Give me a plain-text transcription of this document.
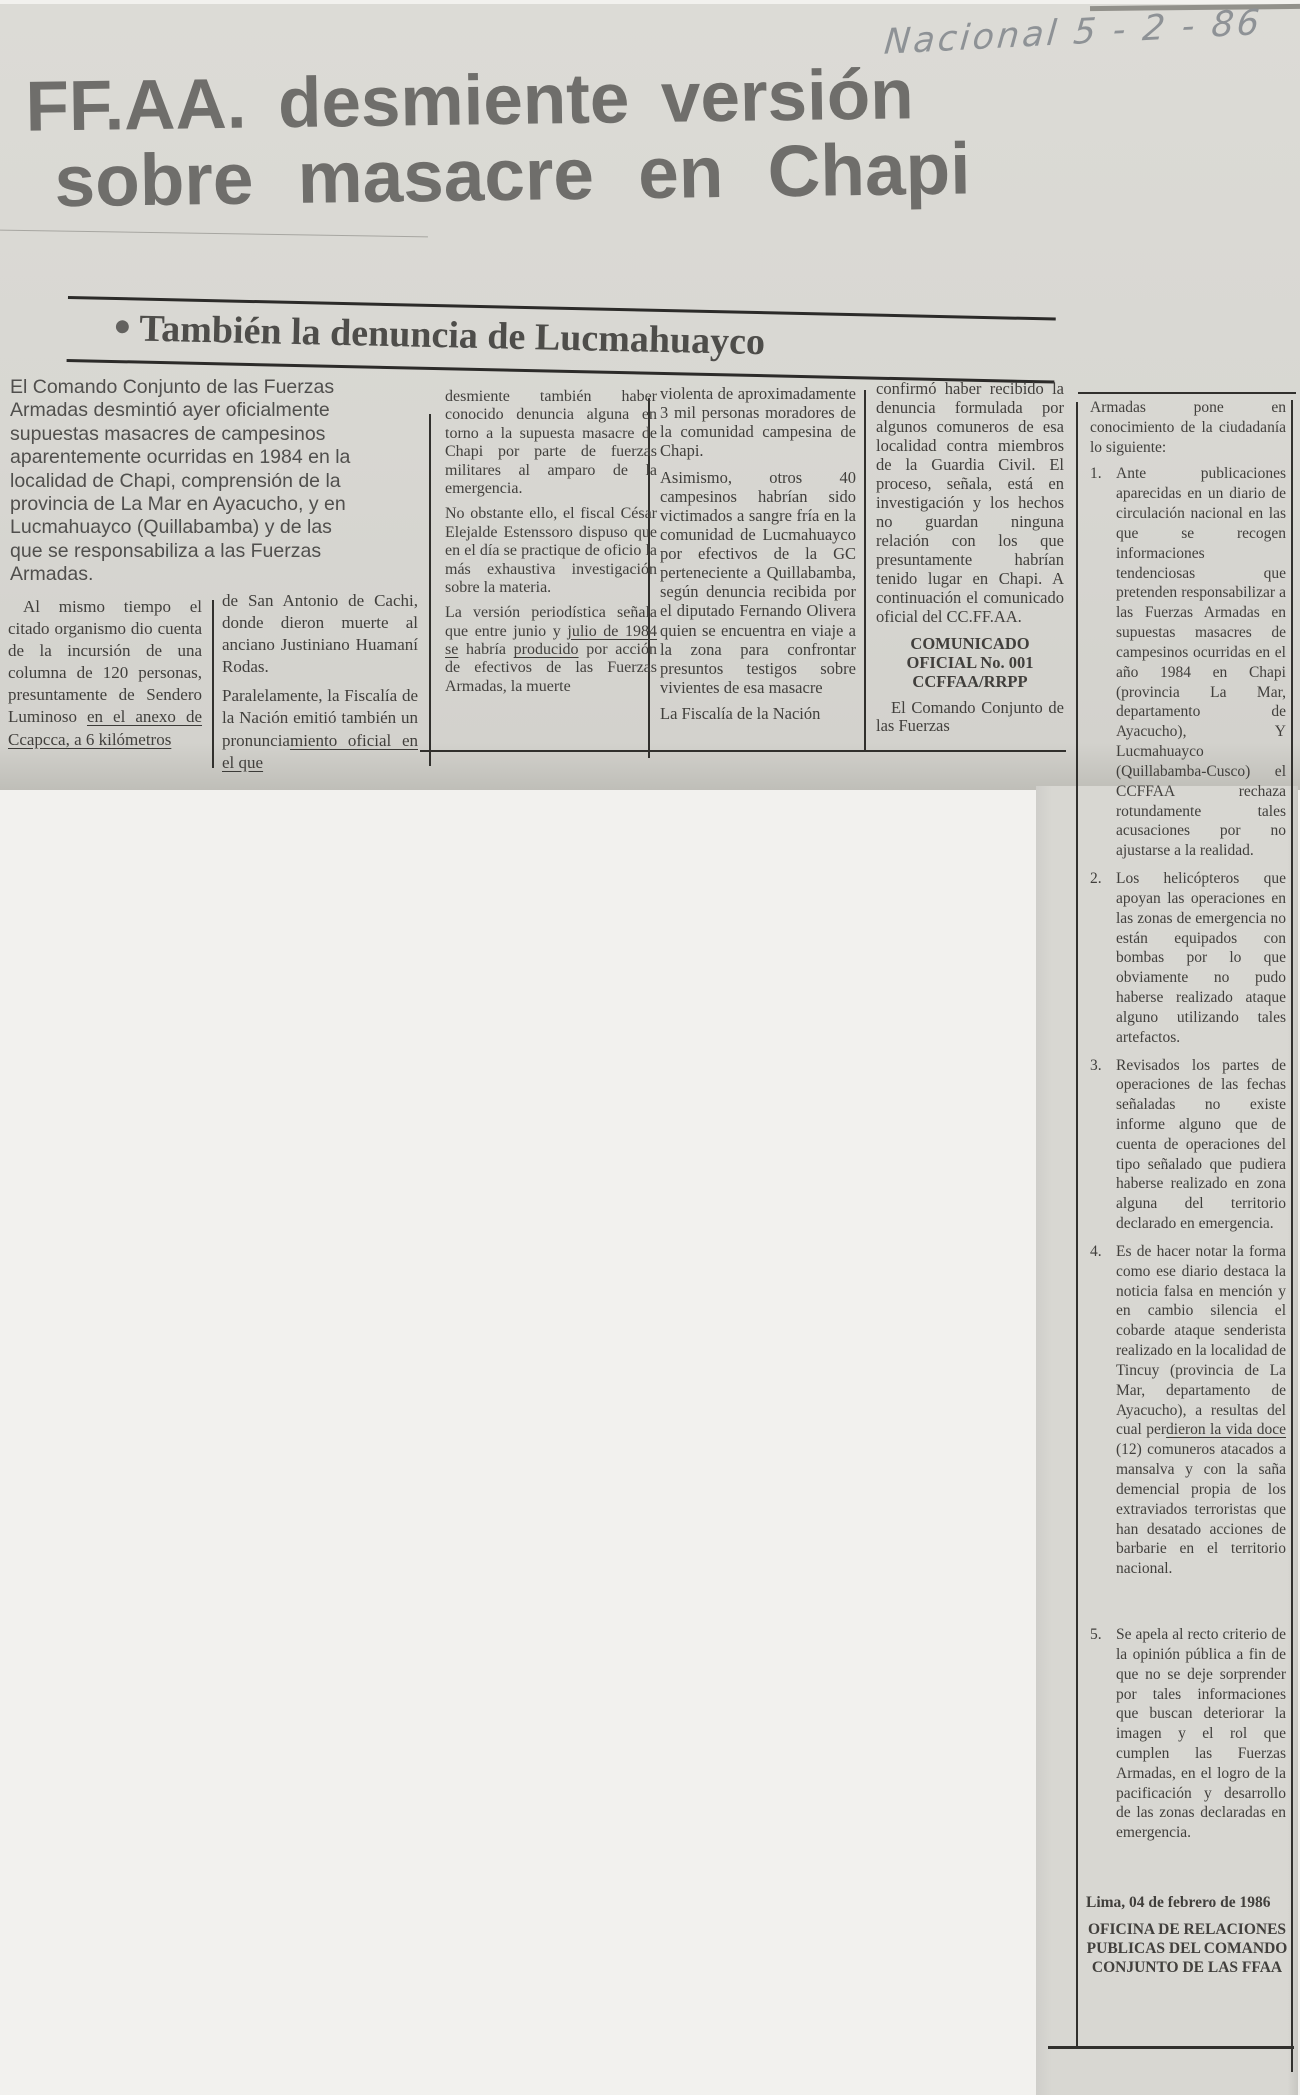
Nacional 5 - 2 - 86
FF.AA. desmiente versión
sobre masacre en Chapi
● También la denuncia de Lucmahuayco
El Comando Conjunto de las Fuerzas Armadas desmintió ayer oficialmente supuestas masacres de campesinos aparentemente ocurridas en 1984 en la localidad de Chapi, comprensión de la provincia de La Mar en Ayacucho, y en Lucmahuayco (Quillabamba) y de las que se responsabiliza a las Fuerzas Armadas.
Al mismo tiempo el citado organismo dio cuenta de la incursión de una columna de 120 personas, presuntamente de Sendero Luminoso en el anexo de Ccapcca, a 6 kilómetros
de San Antonio de Cachi, donde dieron muerte al anciano Justiniano Huamaní Rodas.
Paralelamente, la Fiscalía de la Nación emitió también un pronunciamiento oficial en el que
desmiente también haber conocido denuncia alguna en torno a la supuesta masacre de Chapi por parte de fuerzas militares al amparo de la emergencia.
No obstante ello, el fiscal César Elejalde Estenssoro dispuso que en el día se practique de oficio la más exhaustiva investigación sobre la materia.
La versión periodística señala que entre junio y julio de 1984 se habría producido por acción de efectivos de las Fuerzas Armadas, la muerte
violenta de aproximadamente 3 mil personas moradores de la comunidad campesina de Chapi.
Asimismo, otros 40 campesinos habrían sido victimados a sangre fría en la comunidad de Lucmahuayco por efectivos de la GC perteneciente a Quillabamba, según denuncia recibida por el diputado Fernando Olivera quien se encuentra en viaje a la zona para confrontar presuntos testigos sobre vivientes de esa masacre
La Fiscalía de la Nación
confirmó haber recibido la denuncia formulada por algunos comuneros de esa localidad contra miembros de la Guardia Civil. El proceso, señala, está en investigación y los hechos no guardan ninguna relación con los que presuntamente habrían tenido lugar en Chapi. A continuación el comunicado oficial del CC.FF.AA.
COMUNICADO OFICIAL No. 001 CCFFAA/RRPP
El Comando Conjunto de las Fuerzas
Armadas pone en conocimiento de la ciudadanía lo siguiente:
1. Ante publicaciones aparecidas en un diario de circulación nacional en las que se recogen informaciones tendenciosas que pretenden responsabilizar a las Fuerzas Armadas en supuestas masacres de campesinos ocurridas en el año 1984 en Chapi (provincia La Mar, departamento de Ayacucho), Y Lucmahuayco (Quillabamba-Cusco) el CCFFAA rechaza rotundamente tales acusaciones por no ajustarse a la realidad.
2. Los helicópteros que apoyan las operaciones en las zonas de emergencia no están equipados con bombas por lo que obviamente no pudo haberse realizado ataque alguno utilizando tales artefactos.
3. Revisados los partes de operaciones de las fechas señaladas no existe informe alguno que de cuenta de operaciones del tipo señalado que pudiera haberse realizado en zona alguna del territorio declarado en emergencia.
4. Es de hacer notar la forma como ese diario destaca la noticia falsa en mención y en cambio silencia el cobarde ataque senderista realizado en la localidad de Tincuy (provincia de La Mar, departamento de Ayacucho), a resultas del cual perdieron la vida doce (12) comuneros atacados a mansalva y con la saña demencial propia de los extraviados terroristas que han desatado acciones de barbarie en el territorio nacional.
5. Se apela al recto criterio de la opinión pública a fin de que no se deje sorprender por tales informaciones que buscan deteriorar la imagen y el rol que cumplen las Fuerzas Armadas, en el logro de la pacificación y desarrollo de las zonas declaradas en emergencia.
Lima, 04 de febrero de 1986
OFICINA DE RELACIONES PUBLICAS DEL COMANDO CONJUNTO DE LAS FFAA
